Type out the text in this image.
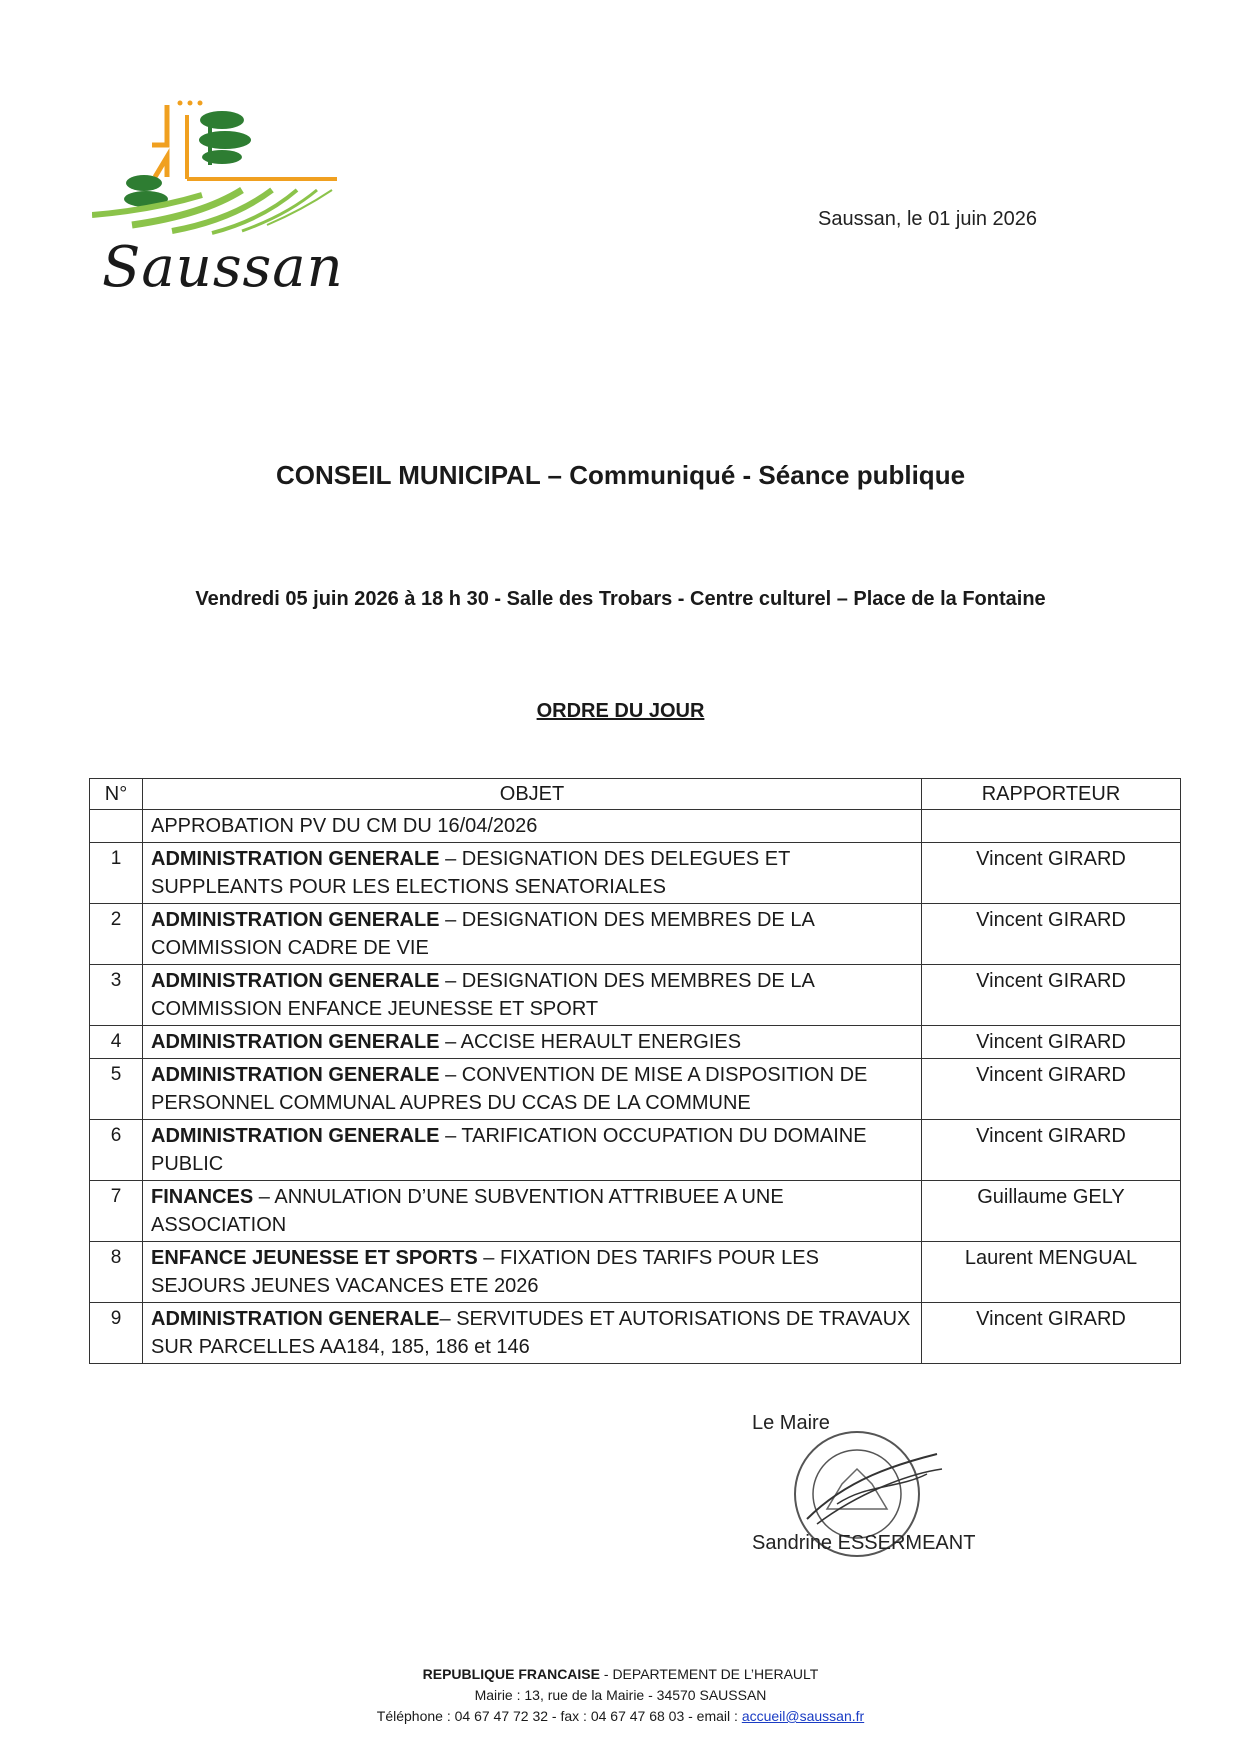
Saussan
Saussan, le 01 juin 2026
CONSEIL MUNICIPAL – Communiqué - Séance publique
Vendredi 05 juin 2026 à 18 h 30 - Salle des Trobars - Centre culturel – Place de la Fontaine
ORDRE DU JOUR
N°	OBJET	RAPPORTEUR
	APPROBATION PV DU CM DU 16/04/2026	
1	ADMINISTRATION GENERALE – DESIGNATION DES DELEGUES ET SUPPLEANTS POUR LES ELECTIONS SENATORIALES	Vincent GIRARD
2	ADMINISTRATION GENERALE – DESIGNATION DES MEMBRES DE LA COMMISSION CADRE DE VIE	Vincent GIRARD
3	ADMINISTRATION GENERALE – DESIGNATION DES MEMBRES DE LA COMMISSION ENFANCE JEUNESSE ET SPORT	Vincent GIRARD
4	ADMINISTRATION GENERALE – ACCISE HERAULT ENERGIES	Vincent GIRARD
5	ADMINISTRATION GENERALE – CONVENTION DE MISE A DISPOSITION DE PERSONNEL COMMUNAL AUPRES DU CCAS DE LA COMMUNE	Vincent GIRARD
6	ADMINISTRATION GENERALE – TARIFICATION OCCUPATION DU DOMAINE PUBLIC	Vincent GIRARD
7	FINANCES – ANNULATION D’UNE SUBVENTION ATTRIBUEE A UNE ASSOCIATION	Guillaume GELY
8	ENFANCE JEUNESSE ET SPORTS – FIXATION DES TARIFS POUR LES SEJOURS JEUNES VACANCES ETE 2026	Laurent MENGUAL
9	ADMINISTRATION GENERALE– SERVITUDES ET AUTORISATIONS DE TRAVAUX SUR PARCELLES AA184, 185, 186 et 146	Vincent GIRARD
Le Maire
Sandrine ESSERMEANT
REPUBLIQUE FRANCAISE - DEPARTEMENT DE L’HERAULT
Mairie : 13, rue de la Mairie - 34570 SAUSSAN
Téléphone : 04 67 47 72 32 - fax : 04 67 47 68 03 - email : accueil@saussan.fr
